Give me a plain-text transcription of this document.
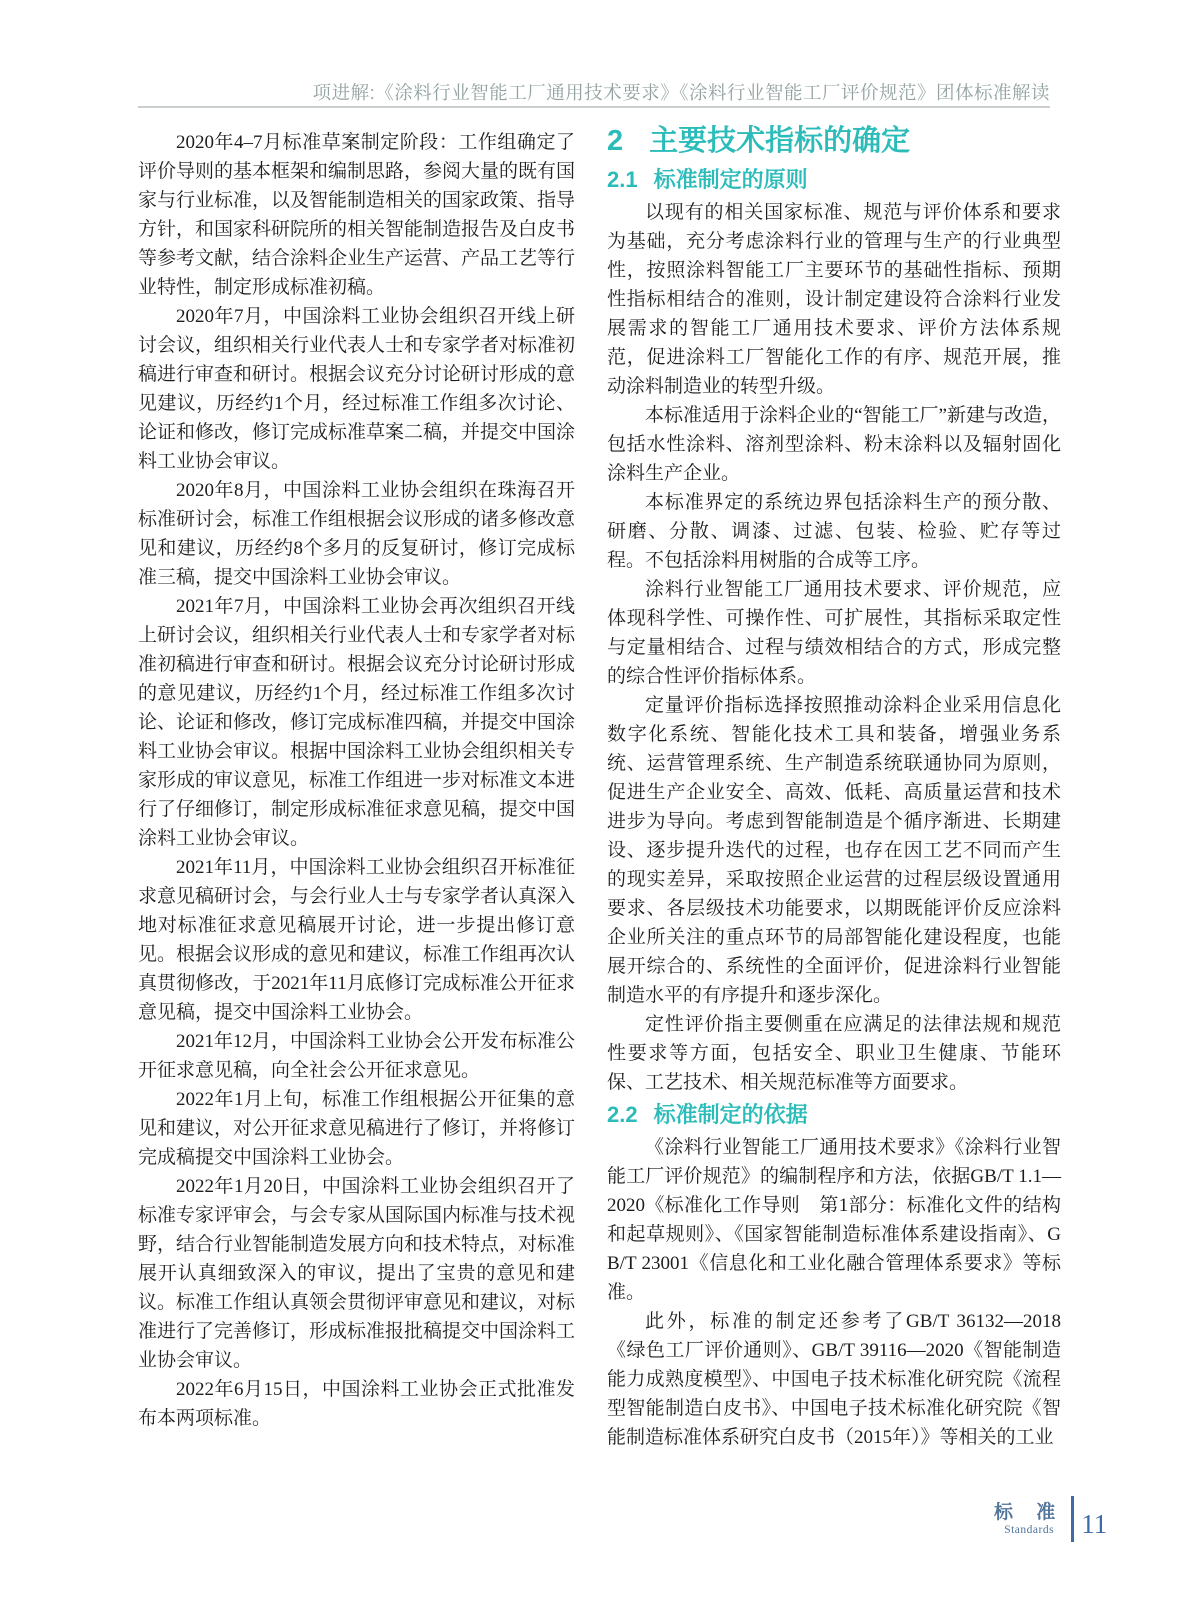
项进解:《涂料行业智能工厂通用技术要求》《涂料行业智能工厂评价规范》团体标准解读

2020年4–7月标准草案制定阶段：工作组确定了评价导则的基本框架和编制思路，参阅大量的既有国家与行业标准，以及智能制造相关的国家政策、指导方针，和国家科研院所的相关智能制造报告及白皮书等参考文献，结合涂料企业生产运营、产品工艺等行业特性，制定形成标准初稿。

2020年7月，中国涂料工业协会组织召开线上研讨会议，组织相关行业代表人士和专家学者对标准初稿进行审查和研讨。根据会议充分讨论研讨形成的意见建议，历经约1个月，经过标准工作组多次讨论、论证和修改，修订完成标准草案二稿，并提交中国涂料工业协会审议。

2020年8月，中国涂料工业协会组织在珠海召开标准研讨会，标准工作组根据会议形成的诸多修改意见和建议，历经约8个多月的反复研讨，修订完成标准三稿，提交中国涂料工业协会审议。

2021年7月，中国涂料工业协会再次组织召开线上研讨会议，组织相关行业代表人士和专家学者对标准初稿进行审查和研讨。根据会议充分讨论研讨形成的意见建议，历经约1个月，经过标准工作组多次讨论、论证和修改，修订完成标准四稿，并提交中国涂料工业协会审议。根据中国涂料工业协会组织相关专家形成的审议意见，标准工作组进一步对标准文本进行了仔细修订，制定形成标准征求意见稿，提交中国涂料工业协会审议。

2021年11月，中国涂料工业协会组织召开标准征求意见稿研讨会，与会行业人士与专家学者认真深入地对标准征求意见稿展开讨论，进一步提出修订意见。根据会议形成的意见和建议，标准工作组再次认真贯彻修改，于2021年11月底修订完成标准公开征求意见稿，提交中国涂料工业协会。

2021年12月，中国涂料工业协会公开发布标准公开征求意见稿，向全社会公开征求意见。

2022年1月上旬，标准工作组根据公开征集的意见和建议，对公开征求意见稿进行了修订，并将修订完成稿提交中国涂料工业协会。

2022年1月20日，中国涂料工业协会组织召开了标准专家评审会，与会专家从国际国内标准与技术视野，结合行业智能制造发展方向和技术特点，对标准展开认真细致深入的审议，提出了宝贵的意见和建议。标准工作组认真领会贯彻评审意见和建议，对标准进行了完善修订，形成标准报批稿提交中国涂料工业协会审议。

2022年6月15日，中国涂料工业协会正式批准发布本两项标准。

2 主要技术指标的确定
2.1 标准制定的原则

以现有的相关国家标准、规范与评价体系和要求为基础，充分考虑涂料行业的管理与生产的行业典型性，按照涂料智能工厂主要环节的基础性指标、预期性指标相结合的准则，设计制定建设符合涂料行业发展需求的智能工厂通用技术要求、评价方法体系规范，促进涂料工厂智能化工作的有序、规范开展，推动涂料制造业的转型升级。

本标准适用于涂料企业的“智能工厂”新建与改造，包括水性涂料、溶剂型涂料、粉末涂料以及辐射固化涂料生产企业。

本标准界定的系统边界包括涂料生产的预分散、研磨、分散、调漆、过滤、包装、检验、贮存等过程。不包括涂料用树脂的合成等工序。

涂料行业智能工厂通用技术要求、评价规范，应体现科学性、可操作性、可扩展性，其指标采取定性与定量相结合、过程与绩效相结合的方式，形成完整的综合性评价指标体系。

定量评价指标选择按照推动涂料企业采用信息化数字化系统、智能化技术工具和装备，增强业务系统、运营管理系统、生产制造系统联通协同为原则，促进生产企业安全、高效、低耗、高质量运营和技术进步为导向。考虑到智能制造是个循序渐进、长期建设、逐步提升迭代的过程，也存在因工艺不同而产生的现实差异，采取按照企业运营的过程层级设置通用要求、各层级技术功能要求，以期既能评价反应涂料企业所关注的重点环节的局部智能化建设程度，也能展开综合的、系统性的全面评价，促进涂料行业智能制造水平的有序提升和逐步深化。

定性评价指主要侧重在应满足的法律法规和规范性要求等方面，包括安全、职业卫生健康、节能环保、工艺技术、相关规范标准等方面要求。

2.2 标准制定的依据

《涂料行业智能工厂通用技术要求》《涂料行业智能工厂评价规范》的编制程序和方法，依据GB/T 1.1—2020《标准化工作导则　第1部分：标准化文件的结构和起草规则》、《国家智能制造标准体系建设指南》、GB/T 23001《信息化和工业化融合管理体系要求》等标准。

此外，标准的制定还参考了GB/T 36132—2018《绿色工厂评价通则》、GB/T 39116—2020《智能制造能力成熟度模型》、中国电子技术标准化研究院《流程型智能制造白皮书》、中国电子技术标准化研究院《智能制造标准体系研究白皮书（2015年）》等相关的工业

标 准
Standards	11
